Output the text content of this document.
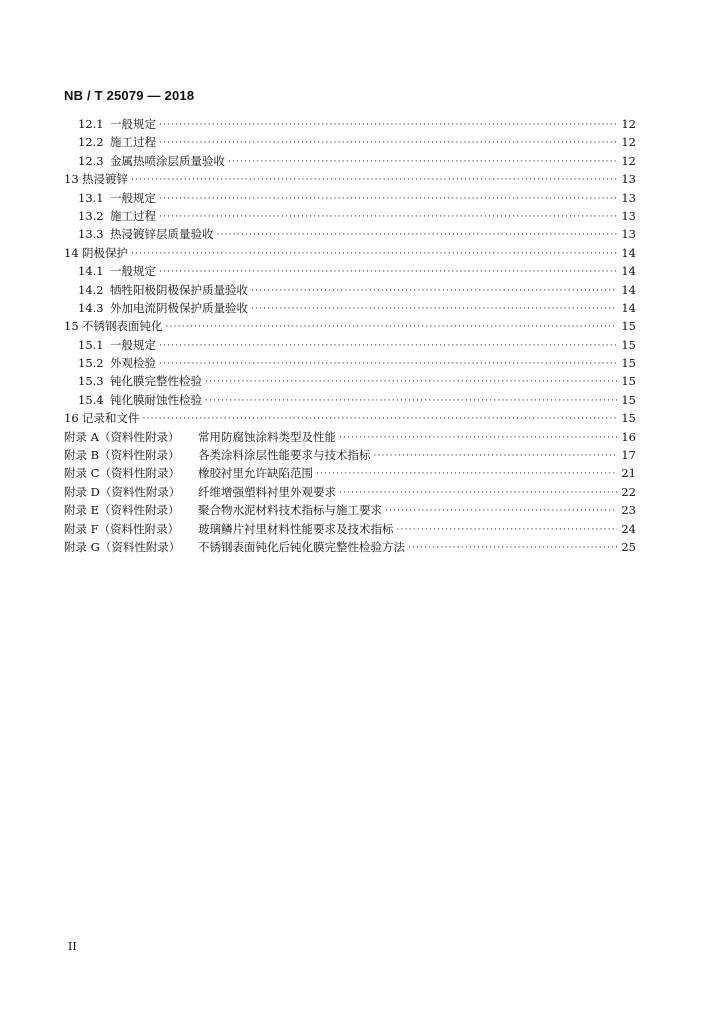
NB / T 25079 — 2018
12.1 一般规定 ·····	12
12.2 施工过程 ·····	12
12.3 金属热喷涂层质量验收 ·····	12
13 热浸镀锌 ·····	13
13.1 一般规定 ·····	13
13.2 施工过程 ·····	13
13.3 热浸镀锌层质量验收 ·····	13
14 阴极保护 ·····	14
14.1 一般规定 ·····	14
14.2 牺牲阳极阴极保护质量验收 ·····	14
14.3 外加电流阴极保护质量验收 ·····	14
15 不锈钢表面钝化 ·····	15
15.1 一般规定 ·····	15
15.2 外观检验 ·····	15
15.3 钝化膜完整性检验 ·····	15
15.4 钝化膜耐蚀性检验 ·····	15
16 记录和文件 ·····	15
附录 A（资料性附录）	常用防腐蚀涂料类型及性能 ·····	16
附录 B（资料性附录）	各类涂料涂层性能要求与技术指标 ·····	17
附录 C（资料性附录）	橡胶衬里允许缺陷范围 ·····	21
附录 D（资料性附录）	纤维增强塑料衬里外观要求 ·····	22
附录 E（资料性附录）	聚合物水泥材料技术指标与施工要求 ·····	23
附录 F（资料性附录）	玻璃鳞片衬里材料性能要求及技术指标 ·····	24
附录 G（资料性附录）	不锈钢表面钝化后钝化膜完整性检验方法 ·····	25
II
